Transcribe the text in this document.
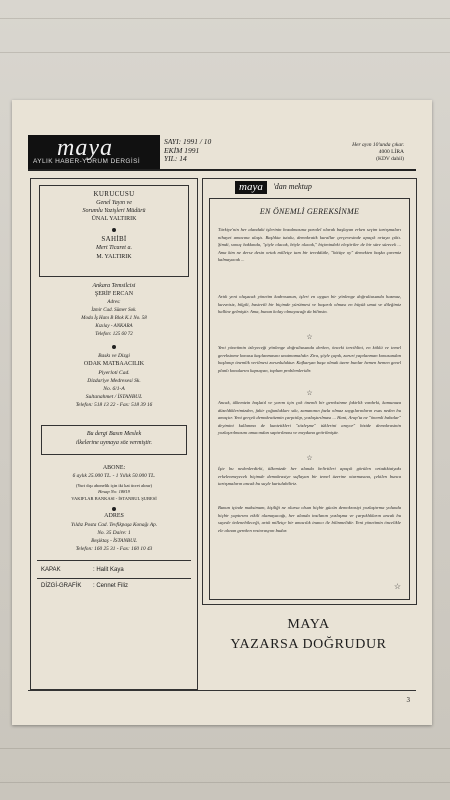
maya
AYLIK HABER-YORUM DERGİSİ
SAYI: 1991 / 10
EKİM 1991
YIL: 14
Her ayın 10'unda çıkar.
4000 LİRA
(KDV dahil)
KURUCUSU
Genel Yayın ve
Sorumlu Yazişleri Müdürü
ÜNAL YALTIRIK
SAHİBİ
Mert Ticaret a.
M. YALTIRIK
Ankara Temsilcisi
ŞERİF ERCAN
Adres:
İzmir Cad. Sümer Sok.
Moda İş Hanı B Blok K.1 No. 58
Kızılay - ANKARA
Telefon: 125 60 72
Baskı ve Dizgi
ODAK MATBAACILIK
Piyerloti Cad.
Dizdariye Medresesi Sk.
No. 6/1-A
Sultanahmet / İSTANBUL
Telefon: 518 13 22 - Fax: 518 39 16
Bu dergi Basın Meslek
ilkelerine uymaya söz vermiştir.
ABONE:
6 aylık 25.000 TL. - 1 Yıllık 50.000 TL.
(Yurt dışı abonelik için iki kat ücret alınır)
Hesap No: 18819
VAKIFLAR BANKASI - İSTANBUL ŞUBESİ
ADRES
Yıldız Posta Cad. Tevfikpaşa Konağı Ap.
No. 35 Daire: 1
Beşiktaş - İSTANBUL
Telefon: 160 25 31 - Fax: 160 10 43
KAPAK	: Halit Kaya
DİZGİ-GRAFİK : Cennet Filiz
maya	'dan mektup
EN ÖNEMLİ GEREKSİNME
Türkiye'nin her alandaki işlerinin bozulmasına paralel olarak başlayan erken seçim tartışmaları nihayet amacına ulaştı. Başlıkta tutulu, demokratik kurallar çerçevesinde apaçık ortaya çıktı. Şimdi, sonuç hakkında, "şöyle olacak, böyle olacak," biçimindeki eleştiriler de bir süre sürecek ... Ama kim ne derse desin ortak milletçe tam bir tereddütle, "kötüye oy" demekten başka çaremiz kalmayacak ...
Artık yeni oluşacak yönetim kadrosunun, işleri en uygun bir yönlenge doğrultusunda hazmaz, kuvvetsiz, bilgili, basiretli bir biçimde yürütmesi ve başarılı olması en büyük umut ve dileğimiz halline gelmiştir. Ama, bunun kolay olmayacağı da bilinsin.
☆
Yeni yönetimin izleyeceği yönlenge doğrultusunda derken, önceki tercihlini, en köklü ve temel gereksinme konusu kaşılanmasını unutmamalıdır. Zira, şöyle çapık, zaruri yapılanman konusundan başlanıp önemlik verilmesi zorunluluktur. Kafkarşan başa olmak üzere bunlar hemen hemen genel planlı konularını kapsayan, toplum problemleridir.
☆
Ancak, ülkemizin başlatıl ve yarım için çok önemli bir gereksinme fakirlik vardırki, kamunuza düzeldiklerimizden, fakir çoğunlukları sıkı, zamanının fazla olmaz saygılarınların esas neden bu amaçtır. Yeni gerçek demokratizmin çarpıtılıp, yozlaştırılması ... Hani, Arap'ta ne "önemli babalar" deyimini kullanma de kuntetikleri "sözleşme" tüklerini anıyor" bizide demokrasinin yozlaşırılmasını amacından saptırılması ve meydana getirilmiştir.
☆
İşte bu nedenlerdirki, ülkemizde her alanda belirtileri apaçık görülen ortadıktaiyakı erkelenmeyecek biçimde demokrasiye suflayan bir temel üzerine oturmasına, çekilen bunca tartışmaların ancak bu suyle kurtulabiliriz.
Bunun içinde maksimum, kişiliği ne olursa olsun hiçbir gücün demokrasiyi yozlaştırma yolunda hiçbir yaptırımı etkili olamayacağı, her alanda insilanın yozlaşma ve çarpıklıkların ancak bu suyede önlenebileceği, artık milletçe bir amacılık inancı ile bilinmelidir. Yeni yönetimin öncelikle ele alınan gereken restorasyon budur.
☆
MAYA
YAZARSA DOĞRUDUR
3
